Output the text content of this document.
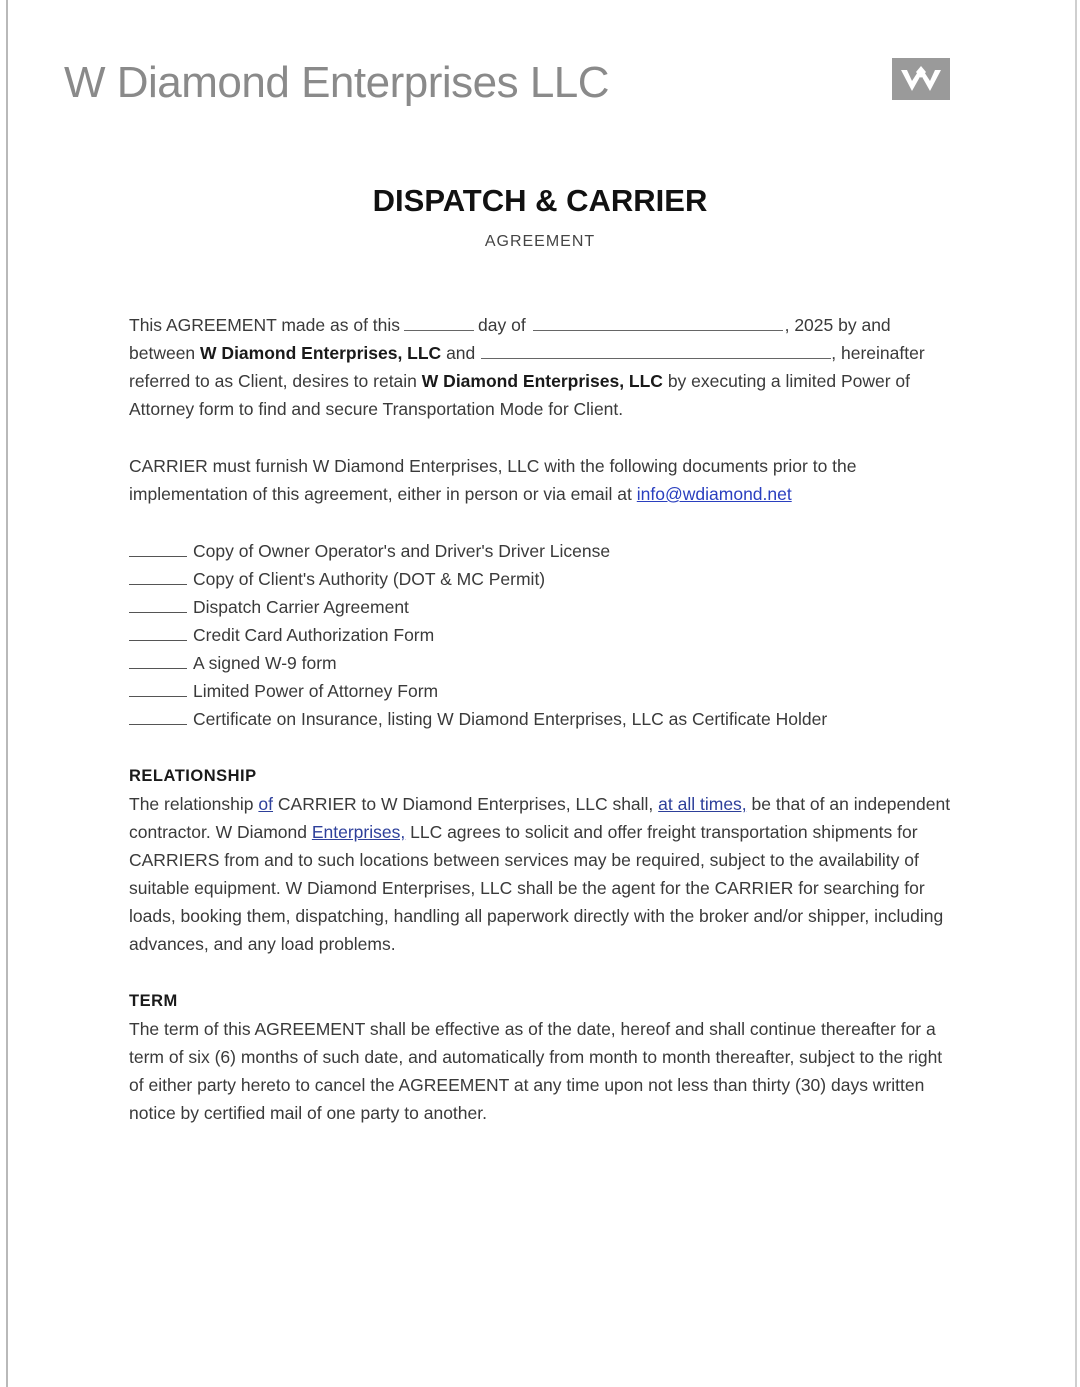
W Diamond Enterprises LLC
DISPATCH & CARRIER
AGREEMENT

This AGREEMENT made as of this	day of	, 2025 by and between W Diamond Enterprises, LLC and	, hereinafter referred to as Client, desires to retain W Diamond Enterprises, LLC by executing a limited Power of Attorney form to find and secure Transportation Mode for Client.

CARRIER must furnish W Diamond Enterprises, LLC with the following documents prior to the implementation of this agreement, either in person or via email at info@wdiamond.net

Copy of Owner Operator's and Driver's Driver License

Copy of Client's Authority (DOT & MC Permit)

Dispatch Carrier Agreement

Credit Card Authorization Form

A signed W-9 form

Limited Power of Attorney Form

Certificate on Insurance, listing W Diamond Enterprises, LLC as Certificate Holder

RELATIONSHIP

The relationship of CARRIER to W Diamond Enterprises, LLC shall, at all times, be that of an independent contractor. W Diamond Enterprises, LLC agrees to solicit and offer freight transportation shipments for CARRIERS from and to such locations between services may be required, subject to the availability of suitable equipment. W Diamond Enterprises, LLC shall be the agent for the CARRIER for searching for loads, booking them, dispatching, handling all paperwork directly with the broker and/or shipper, including advances, and any load problems.

TERM

The term of this AGREEMENT shall be effective as of the date, hereof and shall continue thereafter for a term of six (6) months of such date, and automatically from month to month thereafter, subject to the right of either party hereto to cancel the AGREEMENT at any time upon not less than thirty (30) days written notice by certified mail of one party to another.
